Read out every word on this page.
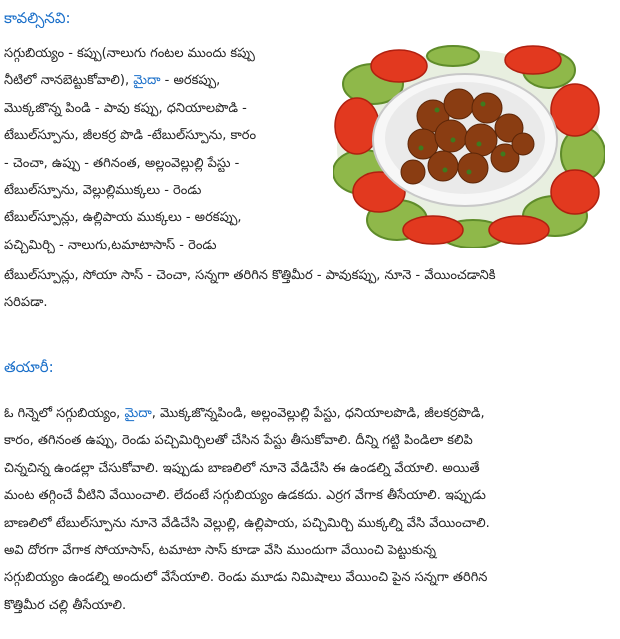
కావల్సినవి:
సగ్గుబియ్యం - కప్పు(నాలుగు గంటల ముందు కప్పు
నీటిలో నానబెట్టుకోవాలి), మైదా - అరకప్పు,
మొక్కజొన్న పిండి - పావు కప్పు, ధనియాలపొడి -
టేబుల్‌స్పూను, జీలకర్ర పొడి -టేబుల్‌స్పూను, కారం
- చెంచా, ఉప్పు - తగినంత, అల్లంవెల్లుల్లి పేస్టు -
టేబుల్‌స్పూను, వెల్లుల్లిముక్కలు - రెండు
టేబుల్‌స్పూన్లు, ఉల్లిపాయ ముక్కలు - అరకప్పు,
పచ్చిమిర్చి - నాలుగు,టమాటాసాస్ - రెండు
టేబుల్‌స్పూన్లు, సోయా సాస్ - చెంచా, సన్నగా తరిగిన కొత్తిమీర - పావుకప్పు, నూనె - వేయించడానికి
సరిపడా.
తయారీ:
ఓ గిన్నెలో సగ్గుబియ్యం, మైదా, మొక్కజొన్నపిండి, అల్లంవెల్లుల్లి పేస్టు, ధనియాలపొడి, జీలకర్రపొడి,
కారం, తగినంత ఉప్పు, రెండు పచ్చిమిర్చిలతో చేసిన పేస్టు తీసుకోవాలి. దీన్ని గట్టి పిండిలా కలిపి
చిన్నచిన్న ఉండల్లా చేసుకోవాలి. ఇప్పుడు బాణలిలో నూనె వేడిచేసి ఈ ఉండల్ని వేయాలి. అయితే
మంట తగ్గించే వీటిని వేయించాలి. లేదంటే సగ్గుబియ్యం ఉడకదు. ఎర్రగ వేగాక తీసేయాలి. ఇప్పుడు
బాణలిలో టేబుల్‌స్పూను నూనె వేడిచేసి వెల్లుల్లి, ఉల్లిపాయ, పచ్చిమిర్చి ముక్కల్ని వేసి వేయించాలి.
అవి దోరగా వేగాక సోయాసాస్, టమాటా సాస్ కూడా వేసి ముందుగా వేయించి పెట్టుకున్న
సగ్గుబియ్యం ఉండల్ని అందులో వేసేయాలి. రెండు మూడు నిమిషాలు వేయించి పైన సన్నగా తరిగిన
కొత్తిమీర చల్లి తీసేయాలి.
